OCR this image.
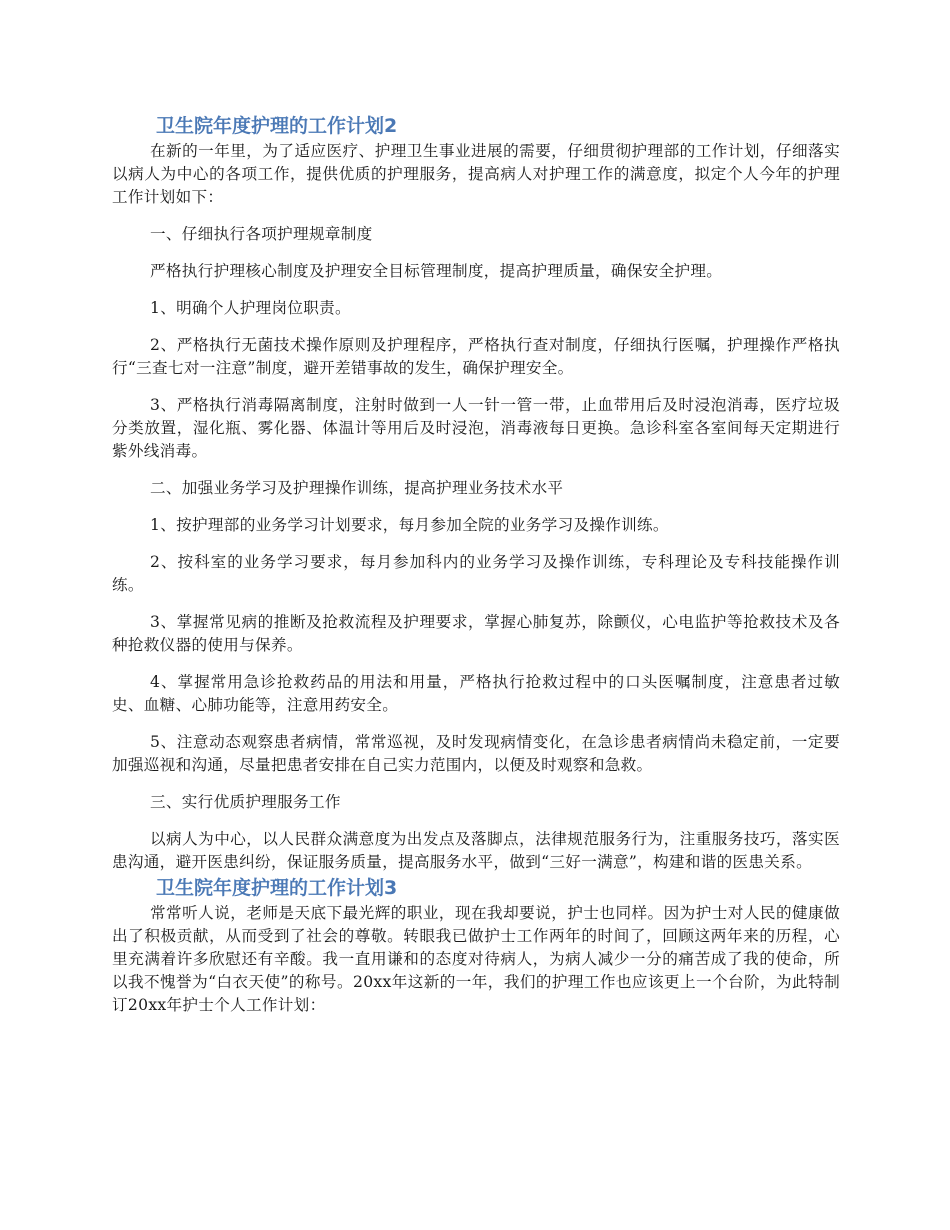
卫生院年度护理的工作计划2

在新的一年里，为了适应医疗、护理卫生事业进展的需要，仔细贯彻护理部的工作计划，仔细落实以病人为中心的各项工作，提供优质的护理服务，提高病人对护理工作的满意度，拟定个人今年的护理工作计划如下：

一、仔细执行各项护理规章制度

严格执行护理核心制度及护理安全目标管理制度，提高护理质量，确保安全护理。

1、明确个人护理岗位职责。

2、严格执行无菌技术操作原则及护理程序，严格执行查对制度，仔细执行医嘱，护理操作严格执行“三查七对一注意”制度，避开差错事故的发生，确保护理安全。

3、严格执行消毒隔离制度，注射时做到一人一针一管一带，止血带用后及时浸泡消毒，医疗垃圾分类放置，湿化瓶、雾化器、体温计等用后及时浸泡，消毒液每日更换。急诊科室各室间每天定期进行紫外线消毒。

二、加强业务学习及护理操作训练，提高护理业务技术水平

1、按护理部的业务学习计划要求，每月参加全院的业务学习及操作训练。

2、按科室的业务学习要求，每月参加科内的业务学习及操作训练，专科理论及专科技能操作训练。

3、掌握常见病的推断及抢救流程及护理要求，掌握心肺复苏，除颤仪，心电监护等抢救技术及各种抢救仪器的使用与保养。

4、掌握常用急诊抢救药品的用法和用量，严格执行抢救过程中的口头医嘱制度，注意患者过敏史、血糖、心肺功能等，注意用药安全。

5、注意动态观察患者病情，常常巡视，及时发现病情变化，在急诊患者病情尚未稳定前，一定要加强巡视和沟通，尽量把患者安排在自己实力范围内，以便及时观察和急救。

三、实行优质护理服务工作

以病人为中心，以人民群众满意度为出发点及落脚点，法律规范服务行为，注重服务技巧，落实医患沟通，避开医患纠纷，保证服务质量，提高服务水平，做到“三好一满意”，构建和谐的医患关系。

卫生院年度护理的工作计划3

常常听人说，老师是天底下最光辉的职业，现在我却要说，护士也同样。因为护士对人民的健康做出了积极贡献，从而受到了社会的尊敬。转眼我已做护士工作两年的时间了，回顾这两年来的历程，心里充满着许多欣慰还有辛酸。我一直用谦和的态度对待病人，为病人减少一分的痛苦成了我的使命，所以我不愧誉为“白衣天使”的称号。20xx年这新的一年，我们的护理工作也应该更上一个台阶，为此特制订20xx年护士个人工作计划：
